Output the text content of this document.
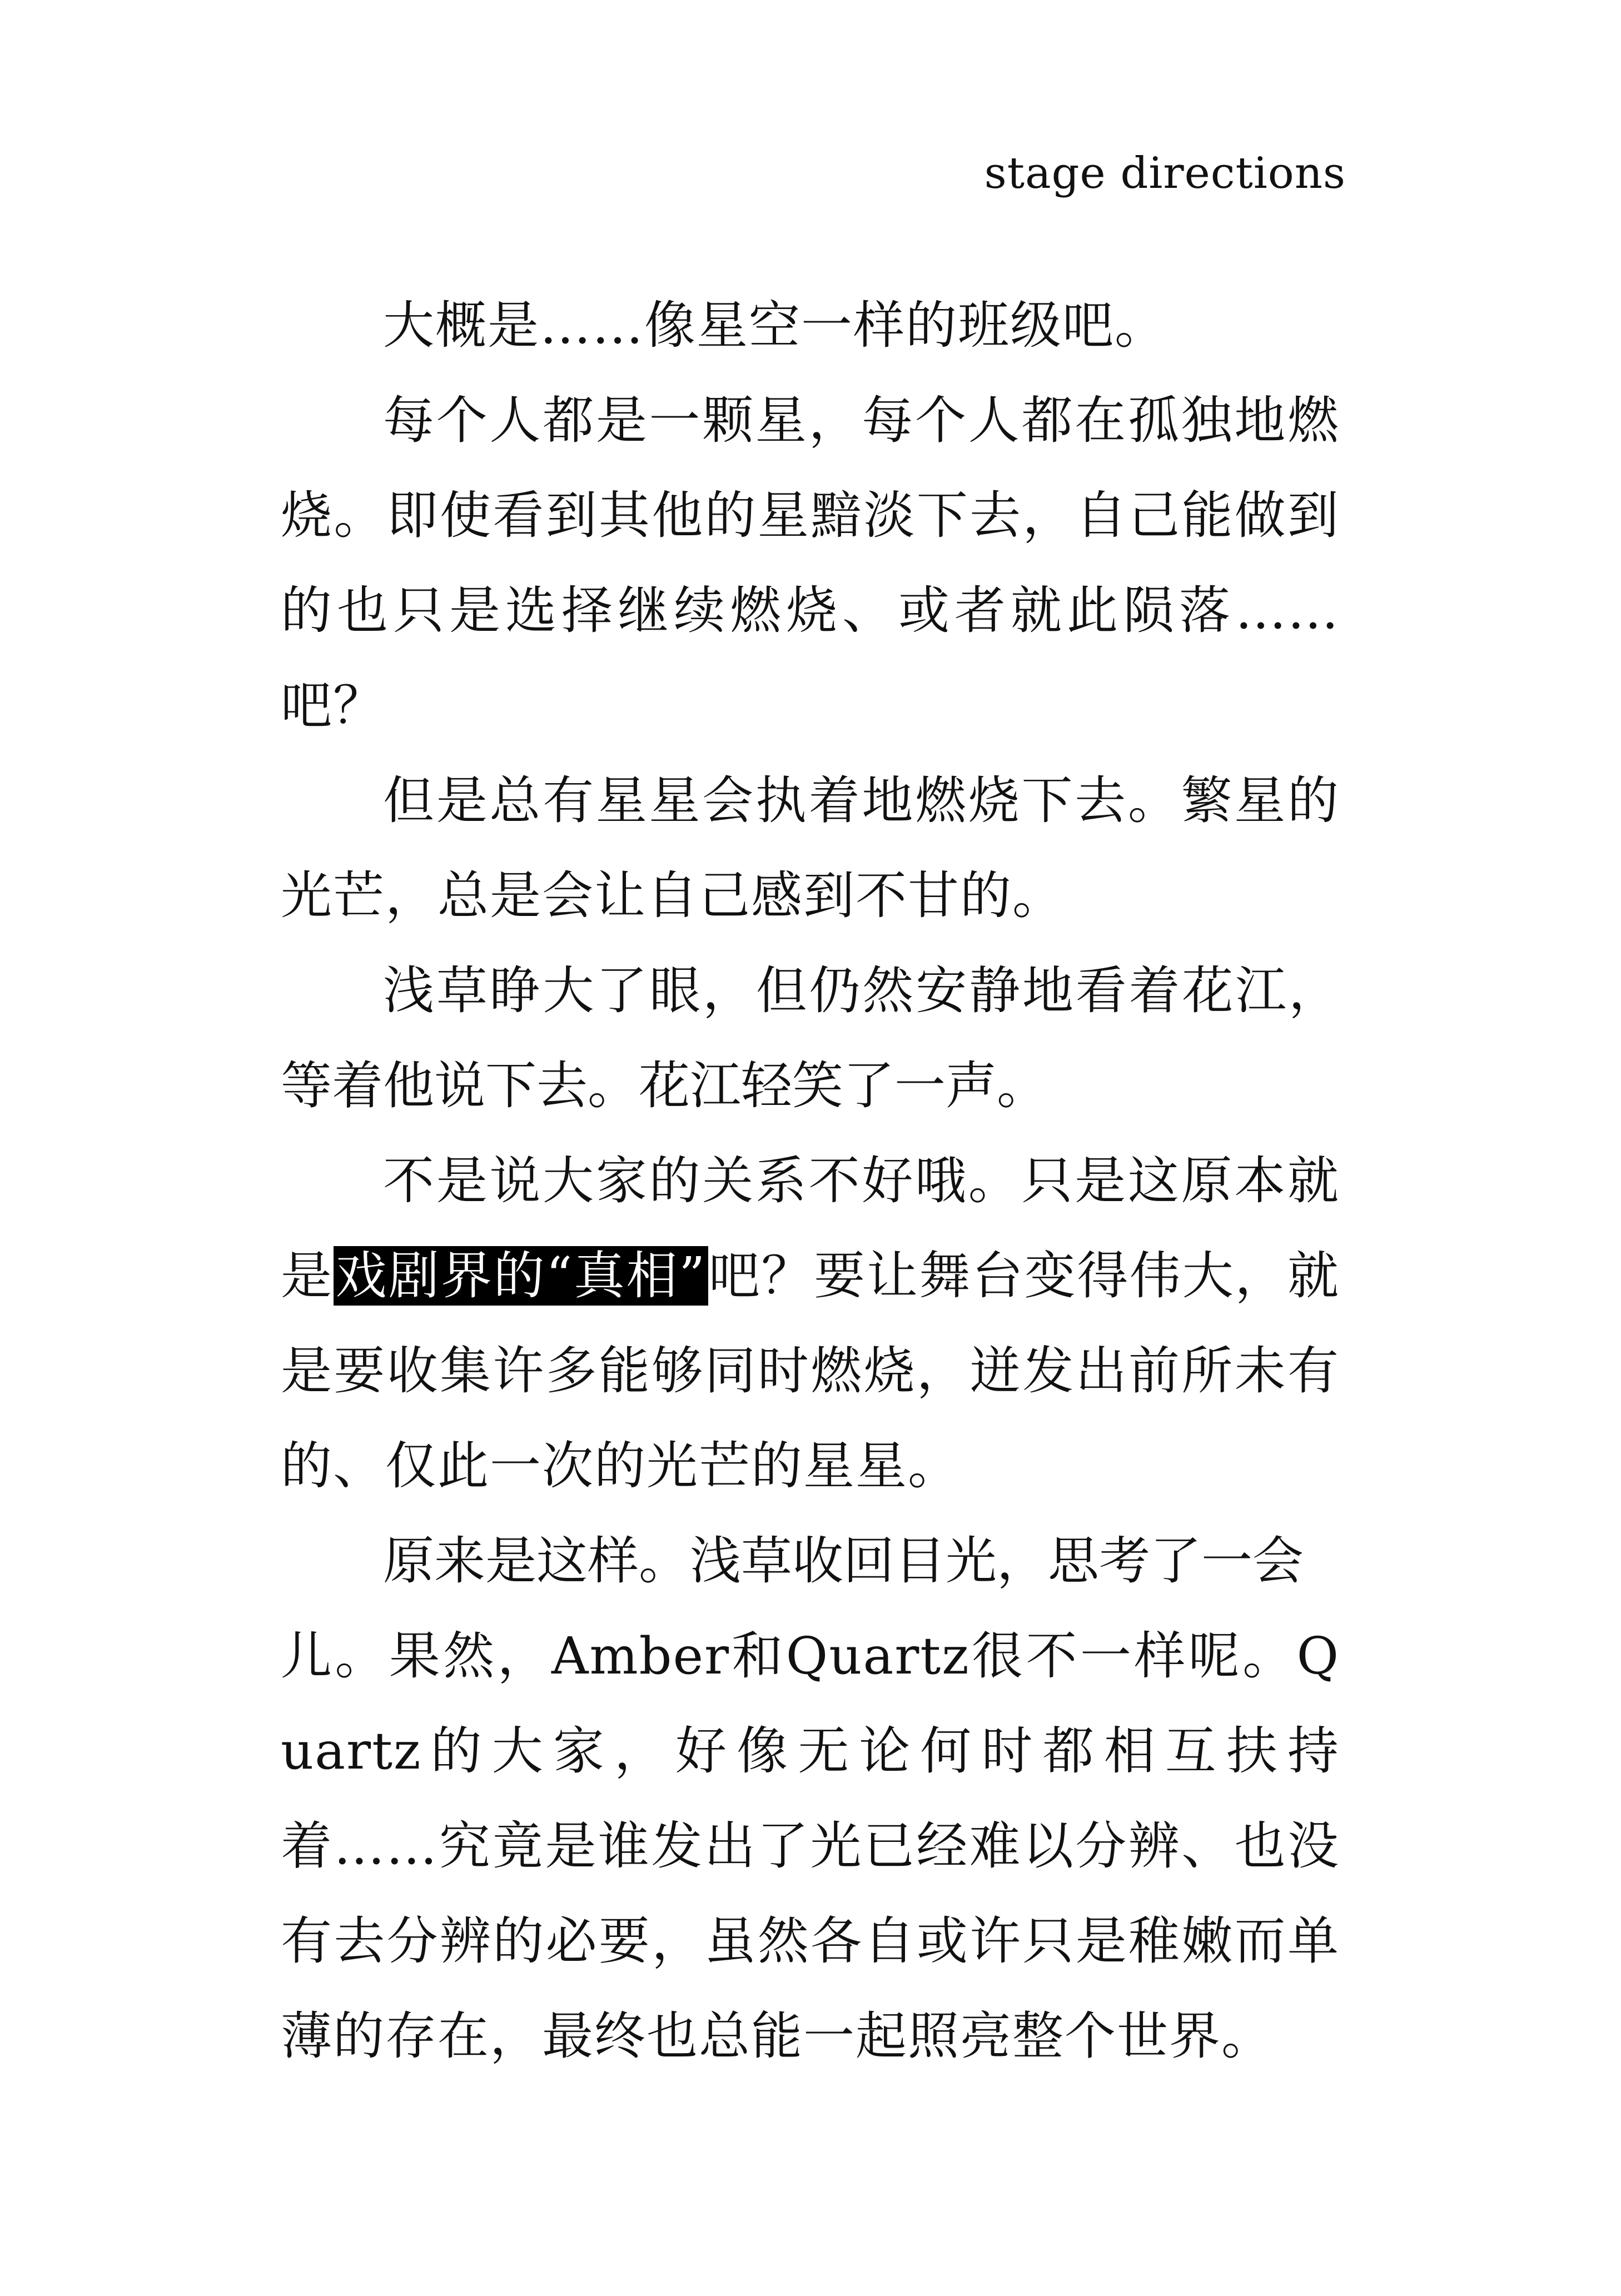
stage directions

大概是……像星空一样的班级吧。

每个人都是一颗星，每个人都在孤独地燃烧。即使看到其他的星黯淡下去，自己能做到的也只是选择继续燃烧、或者就此陨落……吧？

但是总有星星会执着地燃烧下去。繁星的光芒，总是会让自己感到不甘的。

浅草睁大了眼，但仍然安静地看着花江，等着他说下去。花江轻笑了一声。

不是说大家的关系不好哦。只是这原本就是戏剧界的“真相”吧？要让舞台变得伟大，就是要收集许多能够同时燃烧，迸发出前所未有的、仅此一次的光芒的星星。

原来是这样。浅草收回目光，思考了一会

儿。果然，Amber和Quartz很不一样呢。Quartz的大家，好像无论何时都相互扶持着……究竟是谁发出了光已经难以分辨、也没有去分辨的必要，虽然各自或许只是稚嫩而单薄的存在，最终也总能一起照亮整个世界。
